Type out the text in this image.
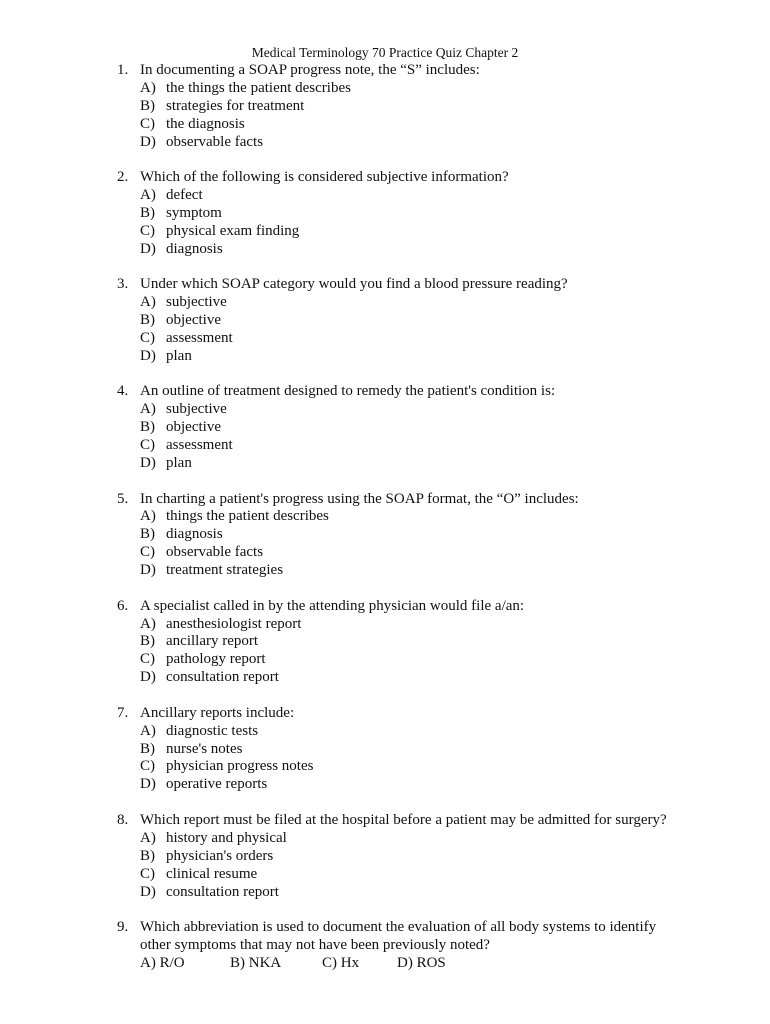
Medical Terminology 70 Practice Quiz Chapter 2
1. In documenting a SOAP progress note, the “S” includes:
A) the things the patient describes
B) strategies for treatment
C) the diagnosis
D) observable facts
2. Which of the following is considered subjective information?
A) defect
B) symptom
C) physical exam finding
D) diagnosis
3. Under which SOAP category would you find a blood pressure reading?
A) subjective
B) objective
C) assessment
D) plan
4. An outline of treatment designed to remedy the patient's condition is:
A) subjective
B) objective
C) assessment
D) plan
5. In charting a patient's progress using the SOAP format, the “O” includes:
A) things the patient describes
B) diagnosis
C) observable facts
D) treatment strategies
6. A specialist called in by the attending physician would file a/an:
A) anesthesiologist report
B) ancillary report
C) pathology report
D) consultation report
7. Ancillary reports include:
A) diagnostic tests
B) nurse's notes
C) physician progress notes
D) operative reports
8. Which report must be filed at the hospital before a patient may be admitted for surgery?
A) history and physical
B) physician's orders
C) clinical resume
D) consultation report
9. Which abbreviation is used to document the evaluation of all body systems to identify
other symptoms that may not have been previously noted?
A) R/O	B) NKA	C) Hx	D) ROS
